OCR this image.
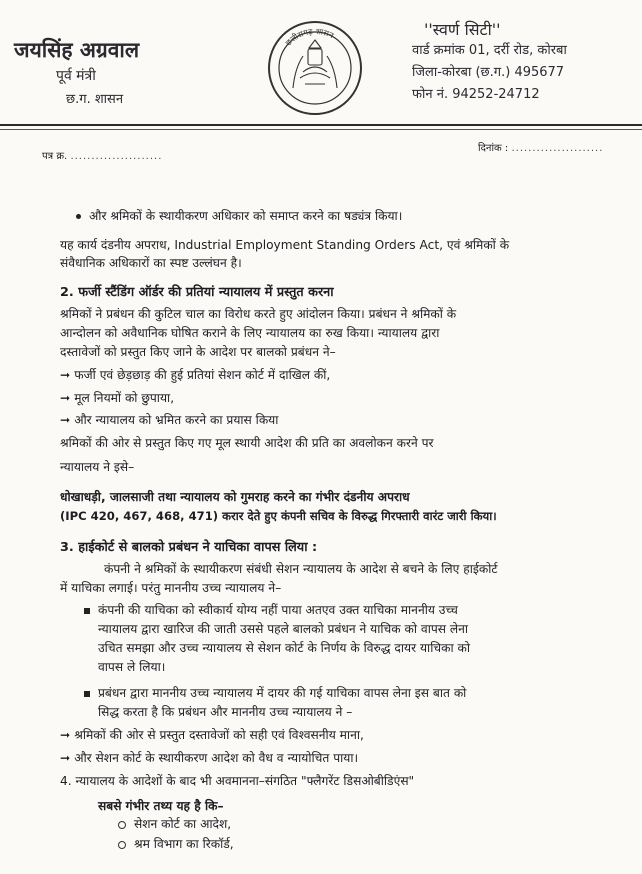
जयसिंह अग्रवाल
पूर्व मंत्री
छ.ग. शासन
छत्तीसगढ़ शासन	''स्वर्ण सिटी''
वार्ड क्रमांक 01, दर्री रोड, कोरबा
जिला-कोरबा (छ.ग.) 495677
फोन नं. 94252-24712
पत्र क्र. ......................
दिनांक : ......................
और श्रमिकों के स्थायीकरण अधिकार को समाप्त करने का षड्यंत्र किया।
यह कार्य दंडनीय अपराध, Industrial Employment Standing Orders Act, एवं श्रमिकों के
संवैधानिक अधिकारों का स्पष्ट उल्लंघन है।
2. फर्जी स्टैंडिंग ऑर्डर की प्रतियां न्यायालय में प्रस्तुत करना
श्रमिकों ने प्रबंधन की कुटिल चाल का विरोध करते हुए आंदोलन किया। प्रबंधन ने श्रमिकों के
आन्दोलन को अवैधानिक घोषित कराने के लिए न्यायालय का रुख किया। न्यायालय द्वारा
दस्तावेजों को प्रस्तुत किए जाने के आदेश पर बालको प्रबंधन ने–
➞ फर्जी एवं छेड़छाड़ की हुई प्रतियां सेशन कोर्ट में दाखिल कीं,
➞ मूल नियमों को छुपाया,
➞ और न्यायालय को भ्रमित करने का प्रयास किया
श्रमिकों की ओर से प्रस्तुत किए गए मूल स्थायी आदेश की प्रति का अवलोकन करने पर
न्यायालय ने इसे–
धोखाधड़ी, जालसाजी तथा न्यायालय को गुमराह करने का गंभीर दंडनीय अपराध
(IPC 420, 467, 468, 471) करार देते हुए कंपनी सचिव के विरुद्ध गिरफ्तारी वारंट जारी किया।
3. हाईकोर्ट से बालको प्रबंधन ने याचिका वापस लिया :
कंपनी ने श्रमिकों के स्थायीकरण संबंधी सेशन न्यायालय के आदेश से बचने के लिए हाईकोर्ट
में याचिका लगाई। परंतु माननीय उच्च न्यायालय ने–
कंपनी की याचिका को स्वीकार्य योग्य नहीं पाया अतएव उक्त याचिका माननीय उच्च
न्यायालय द्वारा खारिज की जाती उससे पहले बालको प्रबंधन ने याचिक को वापस लेना
उचित समझा और उच्च न्यायालय से सेशन कोर्ट के निर्णय के विरुद्ध दायर याचिका को
वापस ले लिया।
प्रबंधन द्वारा माननीय उच्च न्यायालय में दायर की गई याचिका वापस लेना इस बात को
सिद्ध करता है कि प्रबंधन और माननीय उच्च न्यायालय ने –
➞ श्रमिकों की ओर से प्रस्तुत दस्तावेजों को सही एवं विश्वसनीय माना,
➞ और सेशन कोर्ट के स्थायीकरण आदेश को वैध व न्यायोचित पाया।
4. न्यायालय के आदेशों के बाद भी अवमानना–संगठित "फ्लैगरेंट डिसओबीडिएंस"
सबसे गंभीर तथ्य यह है कि–
सेशन कोर्ट का आदेश,
श्रम विभाग का रिकॉर्ड,
